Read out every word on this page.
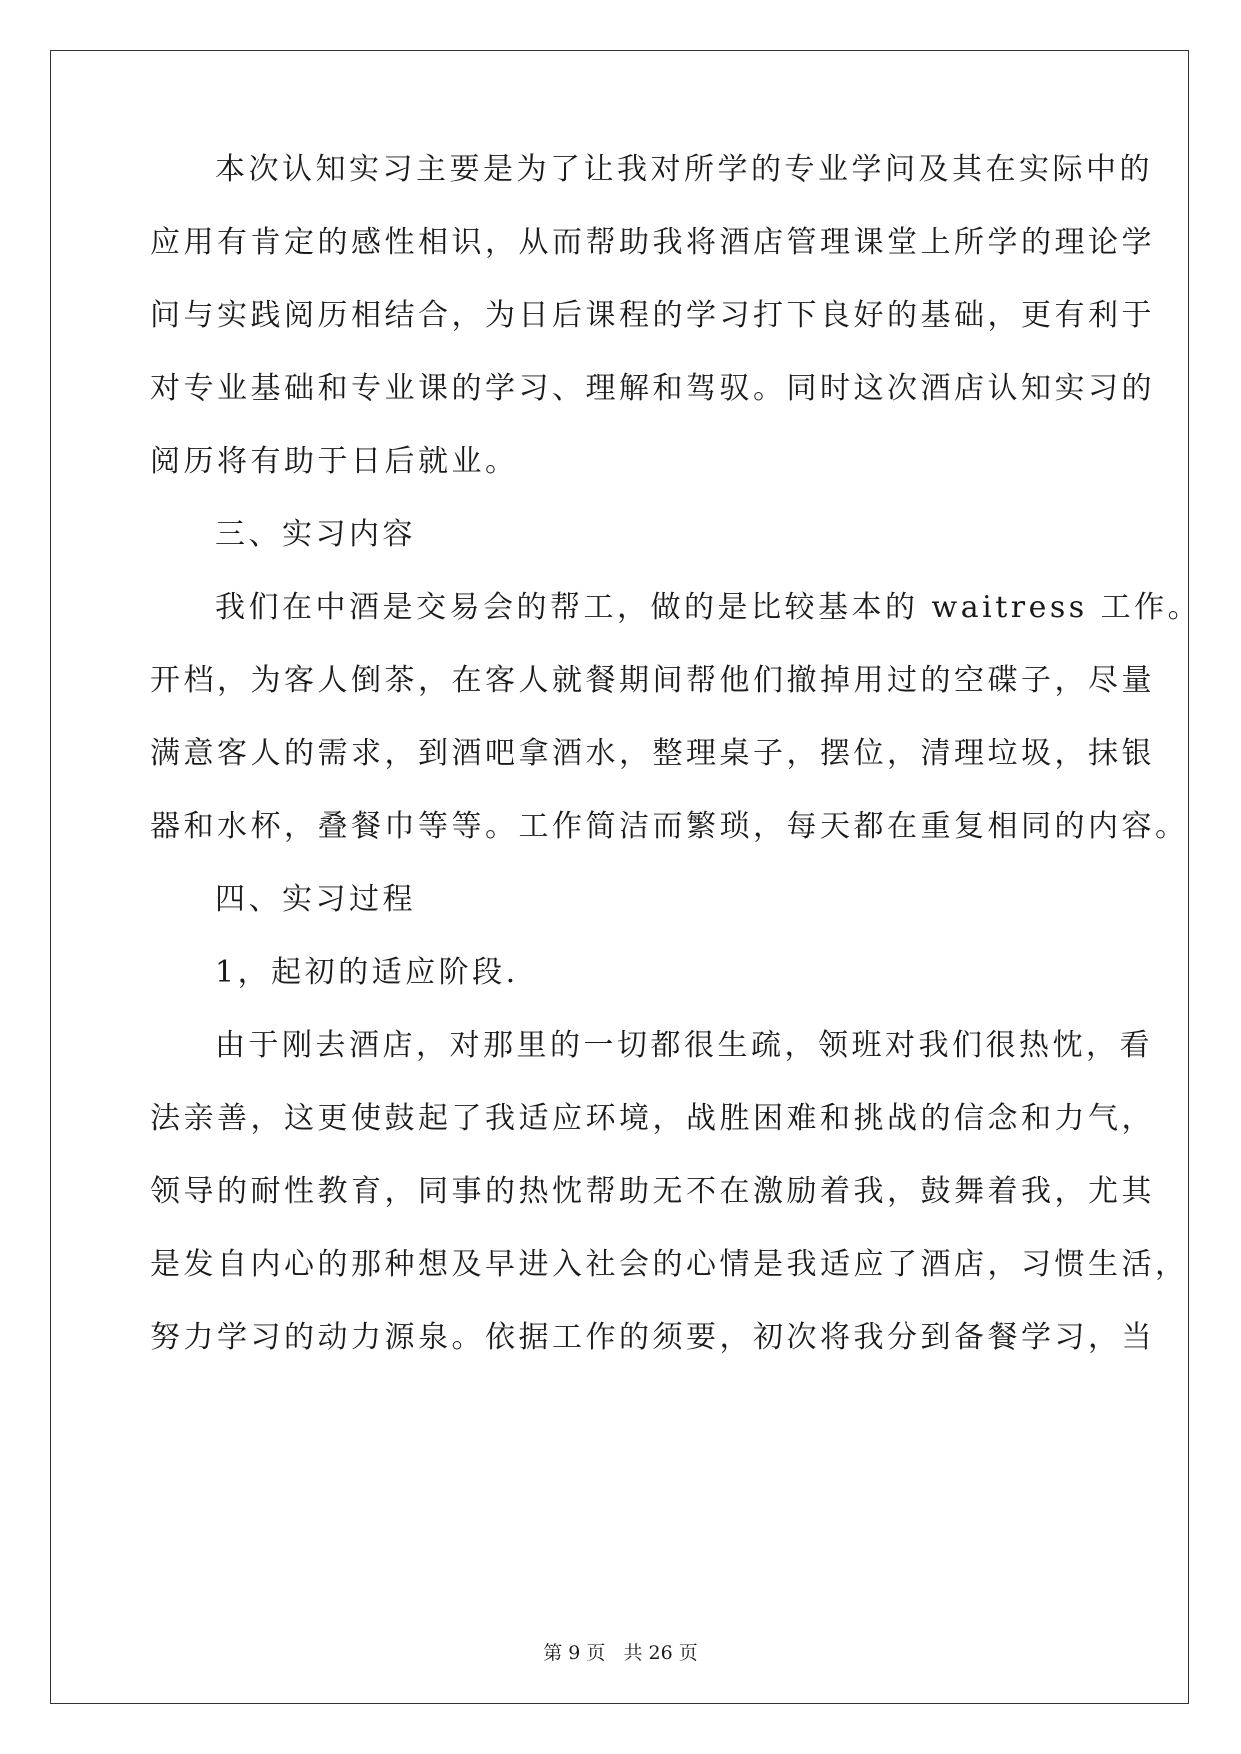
本次认知实习主要是为了让我对所学的专业学问及其在实际中的
应用有肯定的感性相识，从而帮助我将酒店管理课堂上所学的理论学
问与实践阅历相结合，为日后课程的学习打下良好的基础，更有利于
对专业基础和专业课的学习、理解和驾驭。同时这次酒店认知实习的
阅历将有助于日后就业。
三、实习内容
我们在中酒是交易会的帮工，做的是比较基本的 waitress 工作。
开档，为客人倒茶，在客人就餐期间帮他们撤掉用过的空碟子，尽量
满意客人的需求，到酒吧拿酒水，整理桌子，摆位，清理垃圾，抹银
器和水杯，叠餐巾等等。工作简洁而繁琐，每天都在重复相同的内容。
四、实习过程
1，起初的适应阶段.
由于刚去酒店，对那里的一切都很生疏，领班对我们很热忱，看
法亲善，这更使鼓起了我适应环境，战胜困难和挑战的信念和力气，
领导的耐性教育，同事的热忱帮助无不在激励着我，鼓舞着我，尤其
是发自内心的那种想及早进入社会的心情是我适应了酒店，习惯生活，
努力学习的动力源泉。依据工作的须要，初次将我分到备餐学习，当
第 9 页   共 26 页
